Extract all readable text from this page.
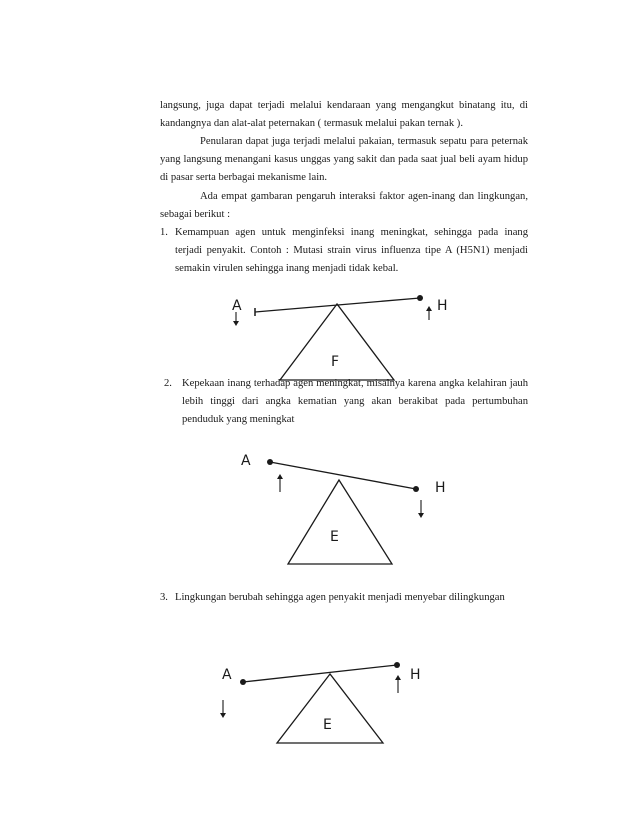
langsung, juga dapat terjadi melalui kendaraan yang mengangkut binatang itu, di kandangnya dan alat-alat peternakan ( termasuk melalui pakan ternak ).

Penularan dapat juga terjadi melalui pakaian, termasuk sepatu para peternak yang langsung menangani kasus unggas yang sakit dan pada saat jual beli ayam hidup di pasar serta berbagai mekanisme lain.

Ada empat gambaran pengaruh interaksi faktor agen-inang dan lingkungan, sebagai berikut :

1. Kemampuan agen untuk menginfeksi inang meningkat, sehingga pada inang terjadi penyakit. Contoh : Mutasi strain virus influenza tipe A (H5N1) menjadi semakin virulen sehingga inang menjadi tidak kebal.
2. Kepekaan inang terhadap agen meningkat, misalnya karena angka kelahiran jauh lebih tinggi dari angka kematian yang akan berakibat pada pertumbuhan penduduk yang meningkat
3. Lingkungan berubah sehingga agen penyakit menjadi menyebar dilingkungan
A	H
F
A
H
E
A	H
E
